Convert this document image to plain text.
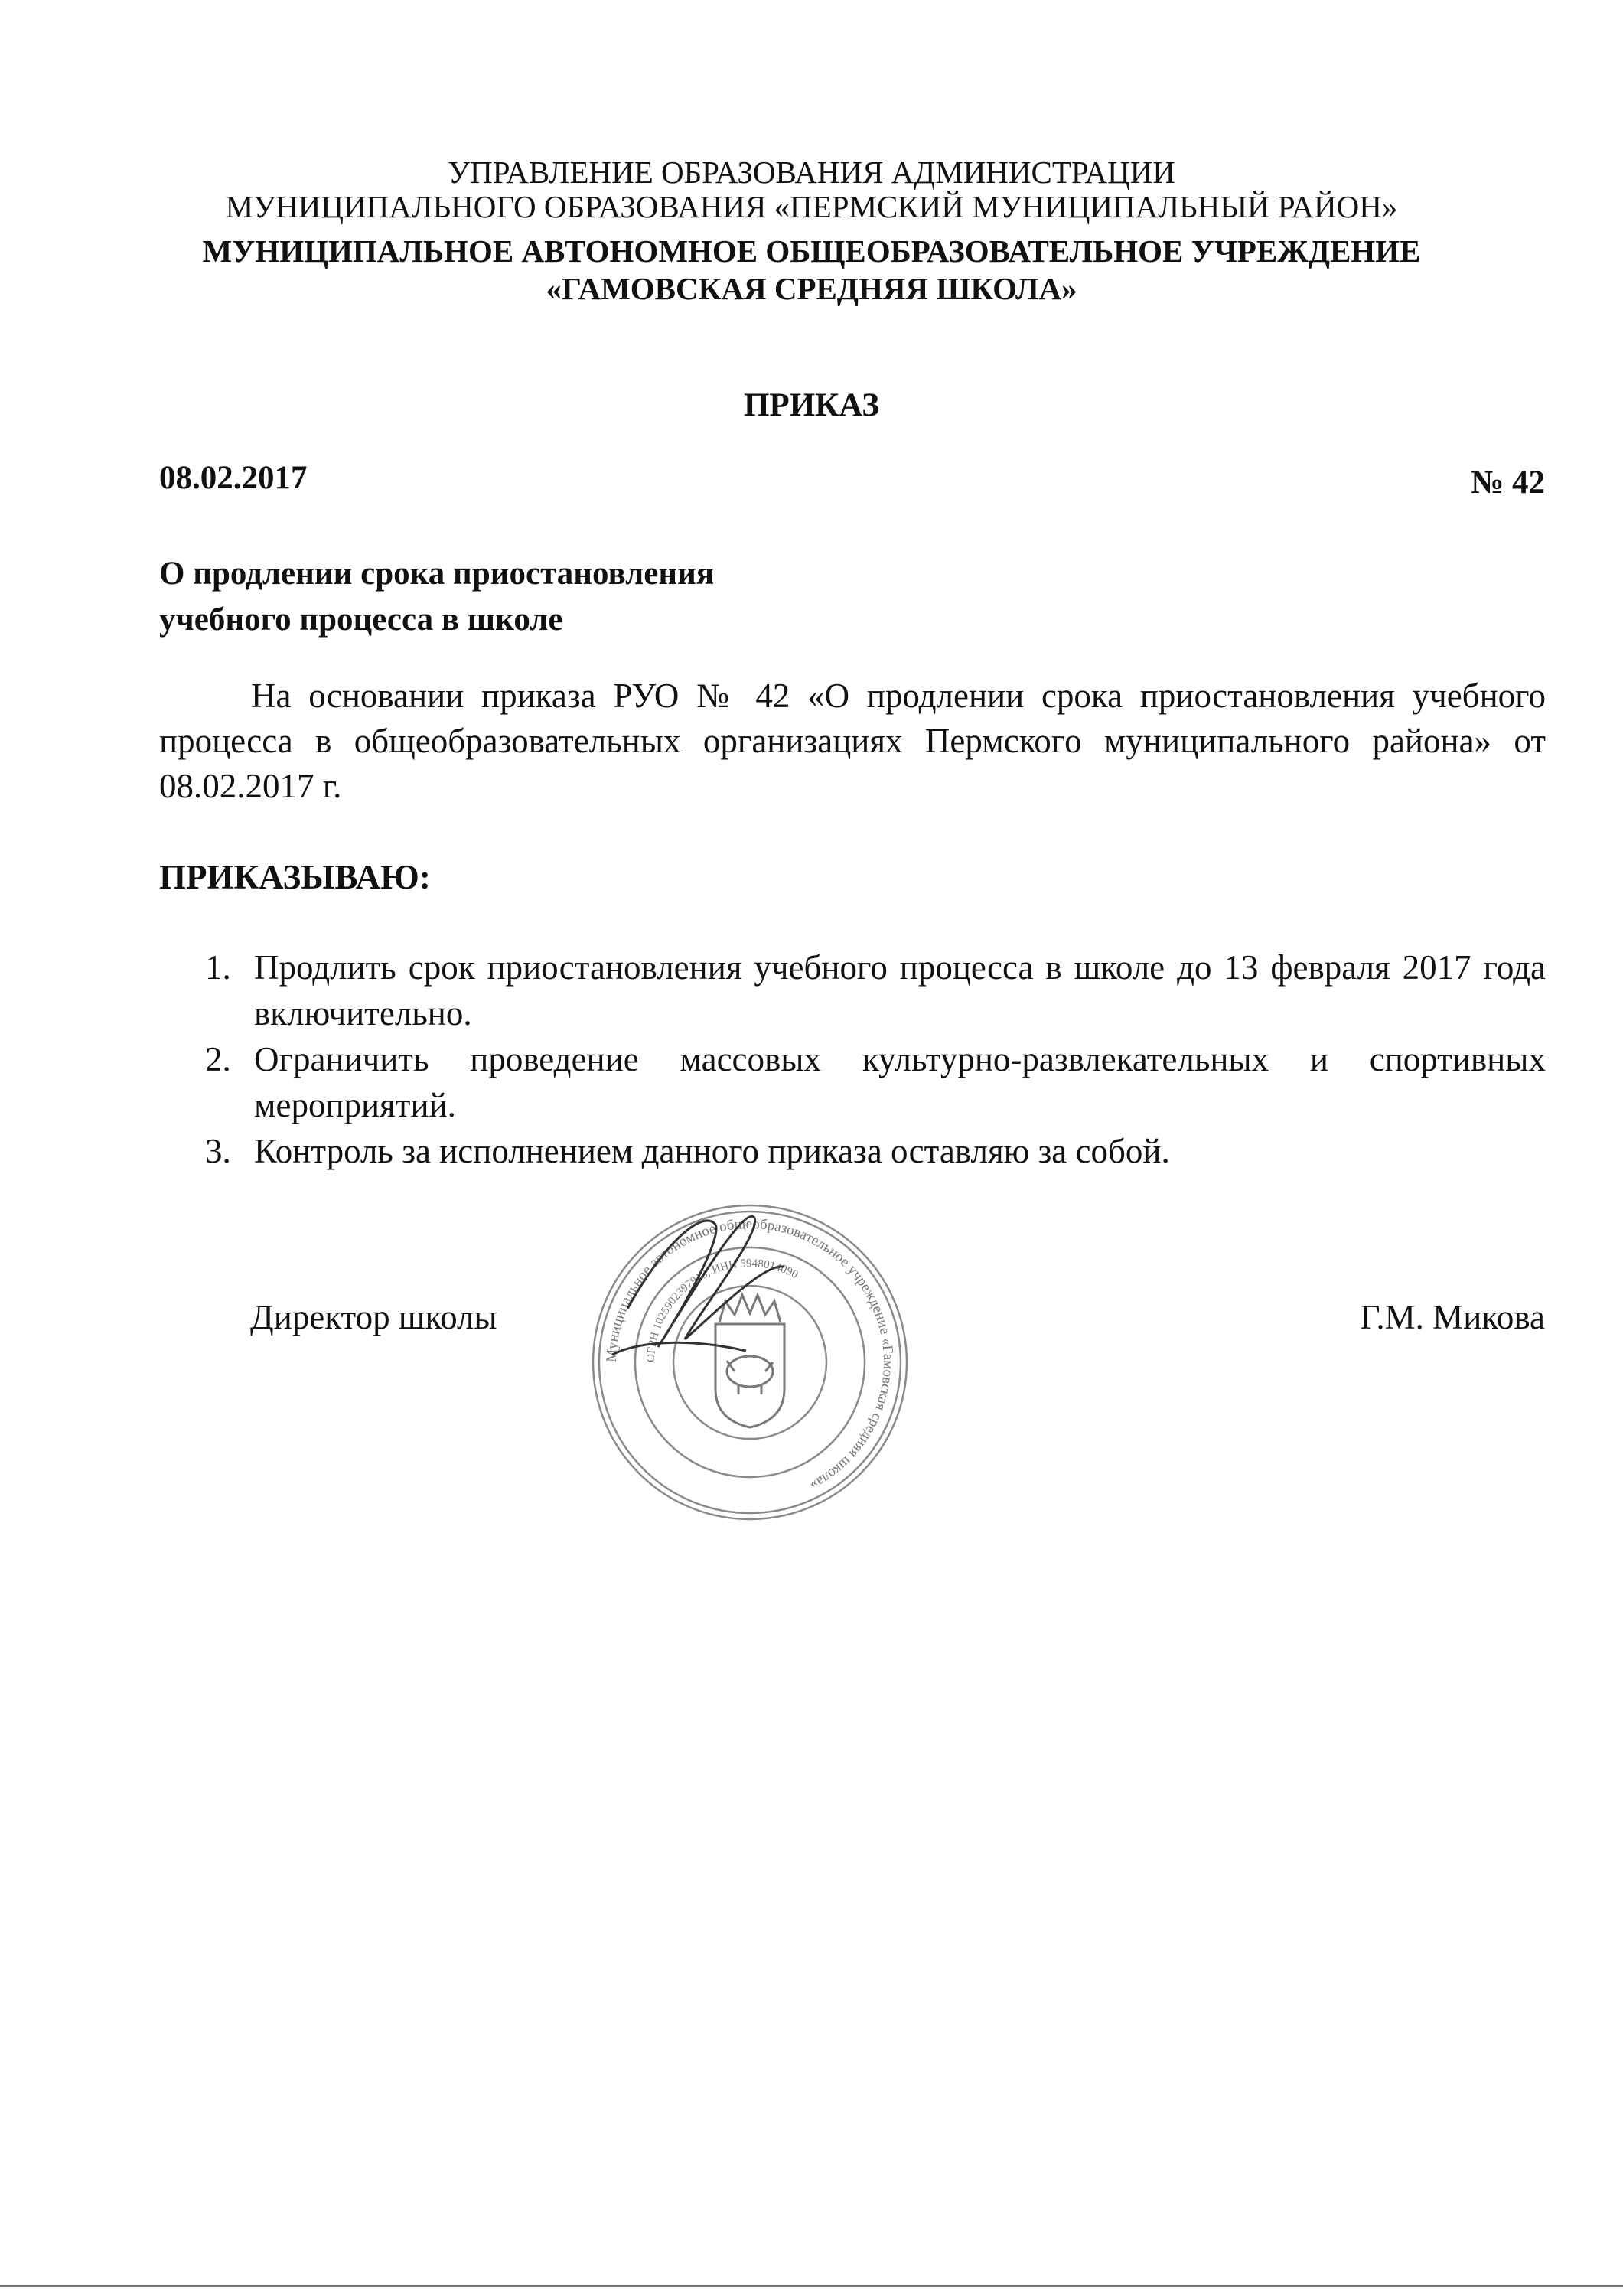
УПРАВЛЕНИЕ ОБРАЗОВАНИЯ АДМИНИСТРАЦИИ
МУНИЦИПАЛЬНОГО ОБРАЗОВАНИЯ «ПЕРМСКИЙ МУНИЦИПАЛЬНЫЙ РАЙОН»
МУНИЦИПАЛЬНОЕ АВТОНОМНОЕ ОБЩЕОБРАЗОВАТЕЛЬНОЕ УЧРЕЖДЕНИЕ
«ГАМОВСКАЯ СРЕДНЯЯ ШКОЛА»
ПРИКАЗ
08.02.2017	№ 42
О продлении срока приостановления
учебного процесса в школе
На основании приказа РУО № 42 «О продлении срока приостановления учебного процесса в общеобразовательных организациях Пермского муниципального района» от 08.02.2017 г.
ПРИКАЗЫВАЮ:
1. Продлить срок приостановления учебного процесса в школе до 13 февраля 2017 года включительно.
2. Ограничить проведение массовых культурно-развлекательных и спортивных мероприятий.
3. Контроль за исполнением данного приказа оставляю за собой.
Директор школы
Муниципальное автономное общеобразовательное учреждение «Гамовская средняя школа»
ОГРН 1025902397918, ИНН 5948014090
Г.М. Микова
